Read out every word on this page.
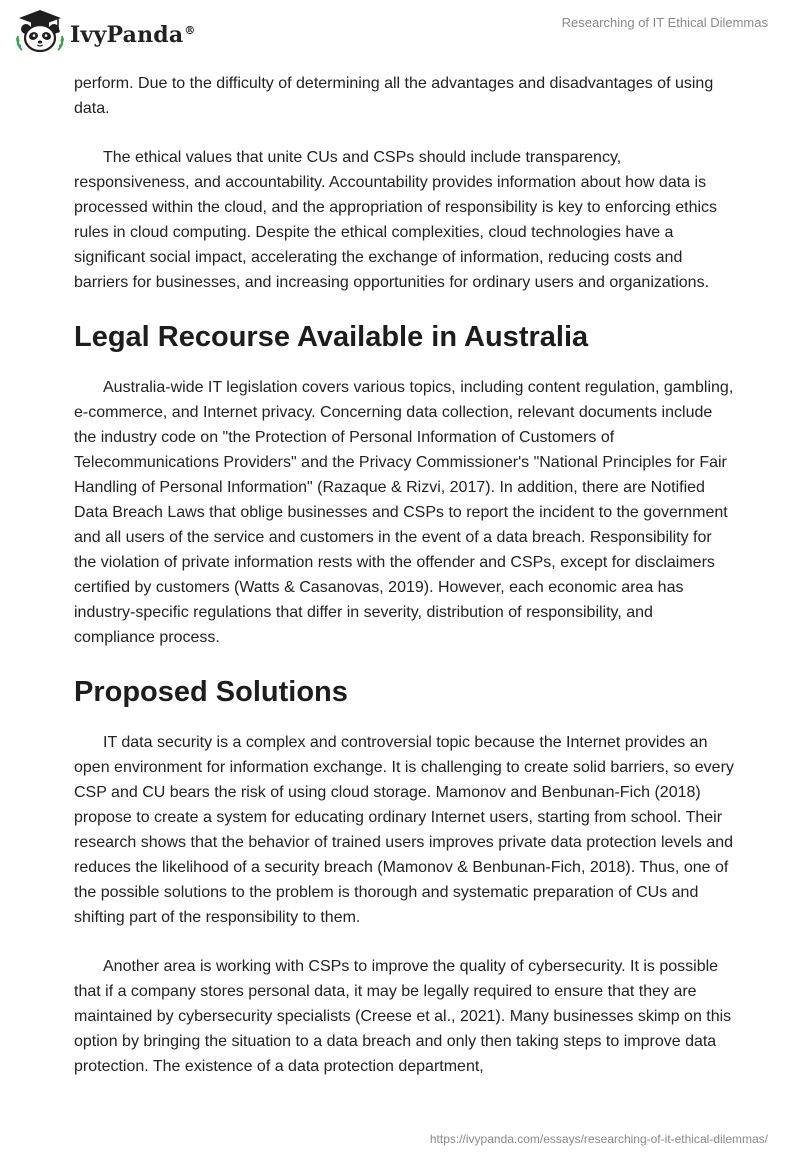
IvyPanda®
Researching of IT Ethical Dilemmas

perform. Due to the difficulty of determining all the advantages and disadvantages of using data.

The ethical values that unite CUs and CSPs should include transparency, responsiveness, and accountability. Accountability provides information about how data is processed within the cloud, and the appropriation of responsibility is key to enforcing ethics rules in cloud computing. Despite the ethical complexities, cloud technologies have a significant social impact, accelerating the exchange of information, reducing costs and barriers for businesses, and increasing opportunities for ordinary users and organizations.

Legal Recourse Available in Australia

Australia-wide IT legislation covers various topics, including content regulation, gambling, e-commerce, and Internet privacy. Concerning data collection, relevant documents include the industry code on "the Protection of Personal Information of Customers of Telecommunications Providers" and the Privacy Commissioner's "National Principles for Fair Handling of Personal Information" (Razaque & Rizvi, 2017). In addition, there are Notified Data Breach Laws that oblige businesses and CSPs to report the incident to the government and all users of the service and customers in the event of a data breach. Responsibility for the violation of private information rests with the offender and CSPs, except for disclaimers certified by customers (Watts & Casanovas, 2019). However, each economic area has industry-specific regulations that differ in severity, distribution of responsibility, and compliance process.

Proposed Solutions

IT data security is a complex and controversial topic because the Internet provides an open environment for information exchange. It is challenging to create solid barriers, so every CSP and CU bears the risk of using cloud storage. Mamonov and Benbunan-Fich (2018) propose to create a system for educating ordinary Internet users, starting from school. Their research shows that the behavior of trained users improves private data protection levels and reduces the likelihood of a security breach (Mamonov & Benbunan-Fich, 2018). Thus, one of the possible solutions to the problem is thorough and systematic preparation of CUs and shifting part of the responsibility to them.

Another area is working with CSPs to improve the quality of cybersecurity. It is possible that if a company stores personal data, it may be legally required to ensure that they are maintained by cybersecurity specialists (Creese et al., 2021). Many businesses skimp on this option by bringing the situation to a data breach and only then taking steps to improve data protection. The existence of a data protection department,

https://ivypanda.com/essays/researching-of-it-ethical-dilemmas/
